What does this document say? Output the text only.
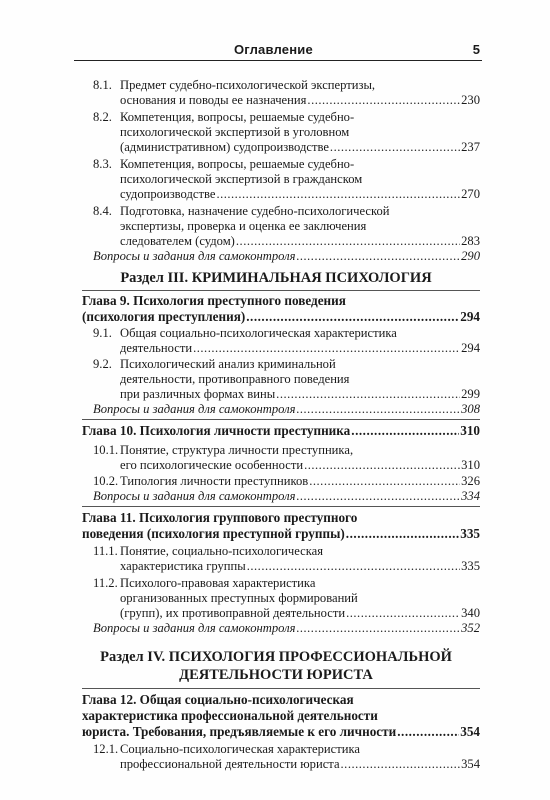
Оглавление	5
8.1. Предмет судебно-психологической экспертизы,
основания и поводы ее назначения .....	230
8.2. Компетенция, вопросы, решаемые судебно-
психологической экспертизой в уголовном
(административном) судопроизводстве .....	237
8.3. Компетенция, вопросы, решаемые судебно-
психологической экспертизой в гражданском
судопроизводстве .....	270
8.4. Подготовка, назначение судебно-психологической
экспертизы, проверка и оценка ее заключения
следователем (судом) .....	283
Вопросы и задания для самоконтроля .....	290
Раздел III. КРИМИНАЛЬНАЯ ПСИХОЛОГИЯ
Глава 9. Психология преступного поведения
(психология преступления) .....	294
9.1. Общая социально-психологическая характеристика
деятельности .....	294
9.2. Психологический анализ криминальной
деятельности, противоправного поведения
при различных формах вины .....	299
Вопросы и задания для самоконтроля .....	308
Глава 10. Психология личности преступника .....	310
10.1. Понятие, структура личности преступника,
его психологические особенности .....	310
10.2. Типология личности преступников .....	326
Вопросы и задания для самоконтроля .....	334
Глава 11. Психология группового преступного
поведения (психология преступной группы) .....	335
11.1. Понятие, социально-психологическая
характеристика группы .....	335
11.2. Психолого-правовая характеристика
организованных преступных формирований
(групп), их противоправной деятельности .....	340
Вопросы и задания для самоконтроля .....	352
Раздел IV. ПСИХОЛОГИЯ ПРОФЕССИОНАЛЬНОЙ
ДЕЯТЕЛЬНОСТИ ЮРИСТА
Глава 12. Общая социально-психологическая
характеристика профессиональной деятельности
юриста. Требования, предъявляемые к его личности .....	354
12.1. Социально-психологическая характеристика
профессиональной деятельности юриста .....	354
